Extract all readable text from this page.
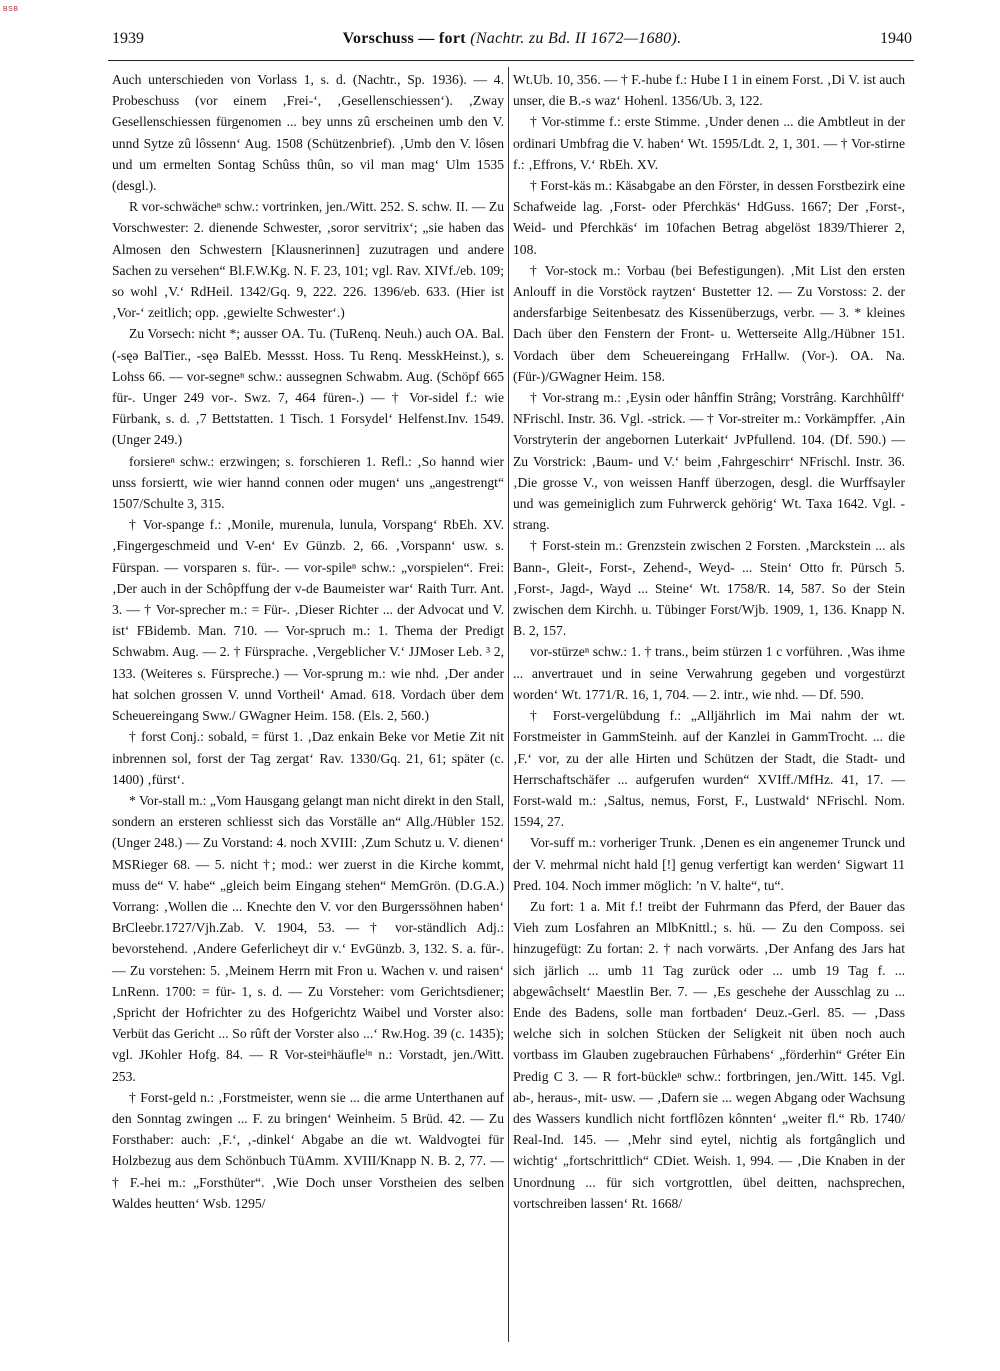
BSB
1939	Vorschuss — fort (Nachtr. zu Bd. II 1672—1680).	1940

Auch unterschieden von Vorlass 1, s. d. (Nachtr., Sp. 1936). — 4. Probeschuss (vor einem ‚Frei-‘, ‚Gesellenschiessen‘). ‚Zway Gesellenschiessen fürgenomen ... bey unns zû erscheinen umb den V. unnd Sytze zû lôssenn‘ Aug. 1508 (Schützenbrief). ‚Umb den V. lôsen und um ermelten Sontag Schûss thûn, so vil man mag‘ Ulm 1535 (desgl.).

R vor-schwächeⁿ schw.: vortrinken, jen./Witt. 252. S. schw. II. — Zu Vorschwester: 2. dienende Schwester, ‚soror servitrix‘; „sie haben das Almosen den Schwestern [Klausnerinnen] zuzutragen und andere Sachen zu versehen“ Bl.F.W.Kg. N. F. 23, 101; vgl. Rav. XIVf./eb. 109; so wohl ‚V.‘ RdHeil. 1342/Gq. 9, 222. 226. 1396/eb. 633. (Hier ist ‚Vor-‘ zeitlich; opp. ‚gewielte Schwester‘.)

Zu Vorsech: nicht *; ausser OA. Tu. (TuRenq. Neuh.) auch OA. Bal. (-sęə BalTier., -sęə BalEb. Messst. Hoss. Tu Renq. MesskHeinst.), s. Lohss 66. — vor-segneⁿ schw.: aussegnen Schwabm. Aug. (Schöpf 665 für-. Unger 249 vor-. Swz. 7, 464 füren-.) — † Vor-sidel f.: wie Fürbank, s. d. ‚7 Bettstatten. 1 Tisch. 1 Forsydel‘ Helfenst.Inv. 1549. (Unger 249.)

forsiereⁿ schw.: erzwingen; s. forschieren 1. Refl.: ‚So hannd wier unss forsiertt, wie wier hannd connen oder mugen‘ uns „angestrengt“ 1507/Schulte 3, 315.

† Vor-spange f.: ‚Monile, murenula, lunula, Vorspang‘ RbEh. XV. ‚Fingergeschmeid und V-en‘ Ev Günzb. 2, 66. ‚Vorspann‘ usw. s. Fürspan. — vorsparen s. für-. — vor-spileⁿ schw.: „vorspielen“. Frei: ‚Der auch in der Schôpffung der v-de Baumeister war‘ Raith Turr. Ant. 3. — † Vor-sprecher m.: = Für-. ‚Dieser Richter ... der Advocat und V. ist‘ FBidemb. Man. 710. — Vor-spruch m.: 1. Thema der Predigt Schwabm. Aug. — 2. † Fürsprache. ‚Vergeblicher V.‘ JJMoser Leb. ³ 2, 133. (Weiteres s. Fürspreche.) — Vor-sprung m.: wie nhd. ‚Der ander hat solchen grossen V. unnd Vortheil‘ Amad. 618. Vordach über dem Scheuereingang Sww./ GWagner Heim. 158. (Els. 2, 560.)

† forst Conj.: sobald, = fürst 1. ‚Daz enkain Beke vor Metie Zit nit inbrennen sol, forst der Tag zergat‘ Rav. 1330/Gq. 21, 61; später (c. 1400) ‚fürst‘.

* Vor-stall m.: „Vom Hausgang gelangt man nicht direkt in den Stall, sondern an ersteren schliesst sich das Vorställe an“ Allg./Hübler 152. (Unger 248.) — Zu Vorstand: 4. noch XVIII: ‚Zum Schutz u. V. dienen‘ MSRieger 68. — 5. nicht †; mod.: wer zuerst in die Kirche kommt, muss de“ V. habe“ „gleich beim Eingang stehen“ MemGrön. (D.G.A.) Vorrang: ‚Wollen die ... Knechte den V. vor den Burgerssöhnen haben‘ BrCleebr.1727/Vjh.Zab. V. 1904, 53. — † vor-ständlich Adj.: bevorstehend. ‚Andere Geferlicheyt dir v.‘ EvGünzb. 3, 132. S. a. für-. — Zu vorstehen: 5. ‚Meinem Herrn mit Fron u. Wachen v. und raisen‘ LnRenn. 1700: = für- 1, s. d. — Zu Vorsteher: vom Gerichtsdiener; ‚Spricht der Hofrichter zu des Hofgerichtz Waibel und Vorster also: Verbüt das Gericht ... So rûft der Vorster also ...‘ Rw.Hog. 39 (c. 1435); vgl. JKohler Hofg. 84. — R Vor-steiⁿhäufleⁱⁿ n.: Vorstadt, jen./Witt. 253.

† Forst-geld n.: ‚Forstmeister, wenn sie ... die arme Unterthanen auf den Sonntag zwingen ... F. zu bringen‘ Weinheim. 5 Brüd. 42. — Zu Forsthaber: auch: ‚F.‘, ‚-dinkel‘ Abgabe an die wt. Waldvogtei für Holzbezug aus dem Schönbuch TüAmm. XVIII/Knapp N. B. 2, 77. — † F.-hei m.: „Forsthüter“. ‚Wie Doch unser Vorstheien des selben Waldes heutten‘ Wsb. 1295/

Wt.Ub. 10, 356. — † F.-hube f.: Hube I 1 in einem Forst. ‚Di V. ist auch unser, die B.-s waz‘ Hohenl. 1356/Ub. 3, 122.

† Vor-stimme f.: erste Stimme. ‚Under denen ... die Ambtleut in der ordinari Umbfrag die V. haben‘ Wt. 1595/Ldt. 2, 1, 301. — † Vor-stirne f.: ‚Effrons, V.‘ RbEh. XV.

† Forst-käs m.: Käsabgabe an den Förster, in dessen Forstbezirk eine Schafweide lag. ‚Forst- oder Pferchkäs‘ HdGuss. 1667; Der ‚Forst-, Weid- und Pferchkäs‘ im 10fachen Betrag abgelöst 1839/Thierer 2, 108.

† Vor-stock m.: Vorbau (bei Befestigungen). ‚Mit List den ersten Anlouff in die Vorstöck raytzen‘ Bustetter 12. — Zu Vorstoss: 2. der andersfarbige Seitenbesatz des Kissenüberzugs, verbr. — 3. * kleines Dach über den Fenstern der Front- u. Wetterseite Allg./Hübner 151. Vordach über dem Scheuereingang FrHallw. (Vor-). OA. Na. (Für-)/GWagner Heim. 158.

† Vor-strang m.: ‚Eysin oder hânffin Strâng; Vorstrâng. Karchhûlff‘ NFrischl. Instr. 36. Vgl. -strick. — † Vor-streiter m.: Vorkämpffer. ‚Ain Vorstryterin der angebornen Luterkait‘ JvPfullend. 104. (Df. 590.) — Zu Vorstrick: ‚Baum- und V.‘ beim ‚Fahrgeschirr‘ NFrischl. Instr. 36. ‚Die grosse V., von weissen Hanff überzogen, desgl. die Wurffsayler und was gemeiniglich zum Fuhrwerck gehörig‘ Wt. Taxa 1642. Vgl. -strang.

† Forst-stein m.: Grenzstein zwischen 2 Forsten. ‚Marckstein ... als Bann-, Gleit-, Forst-, Zehend-, Weyd- ... Stein‘ Otto fr. Pürsch 5. ‚Forst-, Jagd-, Wayd ... Steine‘ Wt. 1758/R. 14, 587. So der Stein zwischen dem Kirchh. u. Tübinger Forst/Wjb. 1909, 1, 136. Knapp N. B. 2, 157.

vor-stürzeⁿ schw.: 1. † trans., beim stürzen 1 c vorführen. ‚Was ihme ... anvertrauet und in seine Verwahrung gegeben und vorgestürzt worden‘ Wt. 1771/R. 16, 1, 704. — 2. intr., wie nhd. — Df. 590.

† Forst-vergelübdung f.: „Alljährlich im Mai nahm der wt. Forstmeister in GammSteinh. auf der Kanzlei in GammTrocht. ... die ‚F.‘ vor, zu der alle Hirten und Schützen der Stadt, die Stadt- und Herrschaftschäfer ... aufgerufen wurden“ XVIff./MfHz. 41, 17. — Forst-wald m.: ‚Saltus, nemus, Forst, F., Lustwald‘ NFrischl. Nom. 1594, 27.

Vor-suff m.: vorheriger Trunk. ‚Denen es ein angenemer Trunck und der V. mehrmal nicht hald [!] genug verfertigt kan werden‘ Sigwart 11 Pred. 104. Noch immer möglich: ’n V. halte“, tu“.

Zu fort: 1 a. Mit f.! treibt der Fuhrmann das Pferd, der Bauer das Vieh zum Losfahren an MlbKnittl.; s. hü. — Zu den Composs. sei hinzugefügt: Zu fortan: 2. † nach vorwärts. ‚Der Anfang des Jars hat sich järlich ... umb 11 Tag zurück oder ... umb 19 Tag f. ... abgewâchselt‘ Maestlin Ber. 7. — ‚Es geschehe der Ausschlag zu ... Ende des Badens, solle man fortbaden‘ Deuz.-Gerl. 85. — ‚Dass welche sich in solchen Stücken der Seligkeit nit üben noch auch vortbass im Glauben zugebrauchen Fûrhabens‘ „förderhin“ Gréter Ein Predig C 3. — R fort-bückleⁿ schw.: fortbringen, jen./Witt. 145. Vgl. ab-, heraus-, mit- usw. — ‚Dafern sie ... wegen Abgang oder Wachsung des Wassers kundlich nicht fortflôzen kônnten‘ „weiter fl.“ Rb. 1740/ Real-Ind. 145. — ‚Mehr sind eytel, nichtig als fortgânglich und wichtig‘ „fortschrittlich“ CDiet. Weish. 1, 994. — ‚Die Knaben in der Unordnung ... für sich vortgrottlen, übel deitten, nachsprechen, vortschreiben lassen‘ Rt. 1668/
